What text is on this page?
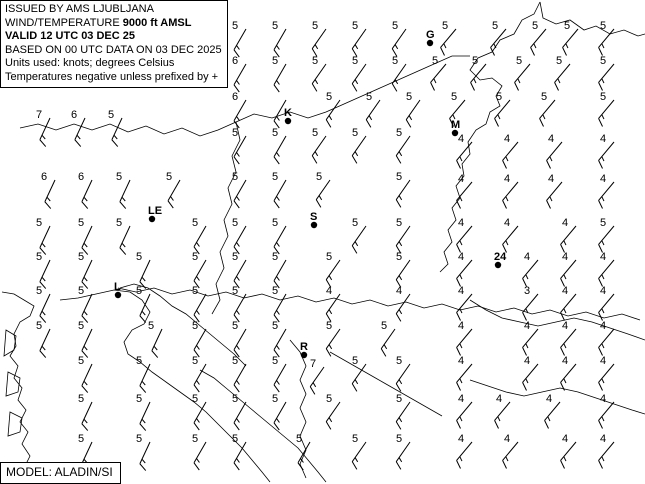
5	5	5	5	5	5	5	5 5	5
6	5	5	5	5	5	5	5	5	5
6	5	5	5	5	5	5	5
7	6	5
5	5	5	5	5	4	4	4	4
6	6	5	5	5	5	5	5	4	4	4	4
5	5	5	5	5	5	5	5	4	4	4	5
5	5	5	5	5	5	5	5	4	4	4	4
5	5	5	5	5	5	4	4	4	3	4	4
5	5	5	5	5	5	5	5	4	4	4	4
5	5	5	5	5	7	5	5	4	4	4	4
5	5	5	5	5	5	5	4	4	4	4
5	5	5	5	5	5	5	4	4	4	4
G
K
M
LE	S
24
L
R
ISSUED BY AMS LJUBLJANA
WIND/TEMPERATURE 9000 ft AMSL
VALID 12 UTC 03 DEC 25
BASED ON 00 UTC DATA ON 03 DEC 2025
Units used: knots; degrees Celsius
Temperatures negative unless prefixed by +
MODEL: ALADIN/SI
